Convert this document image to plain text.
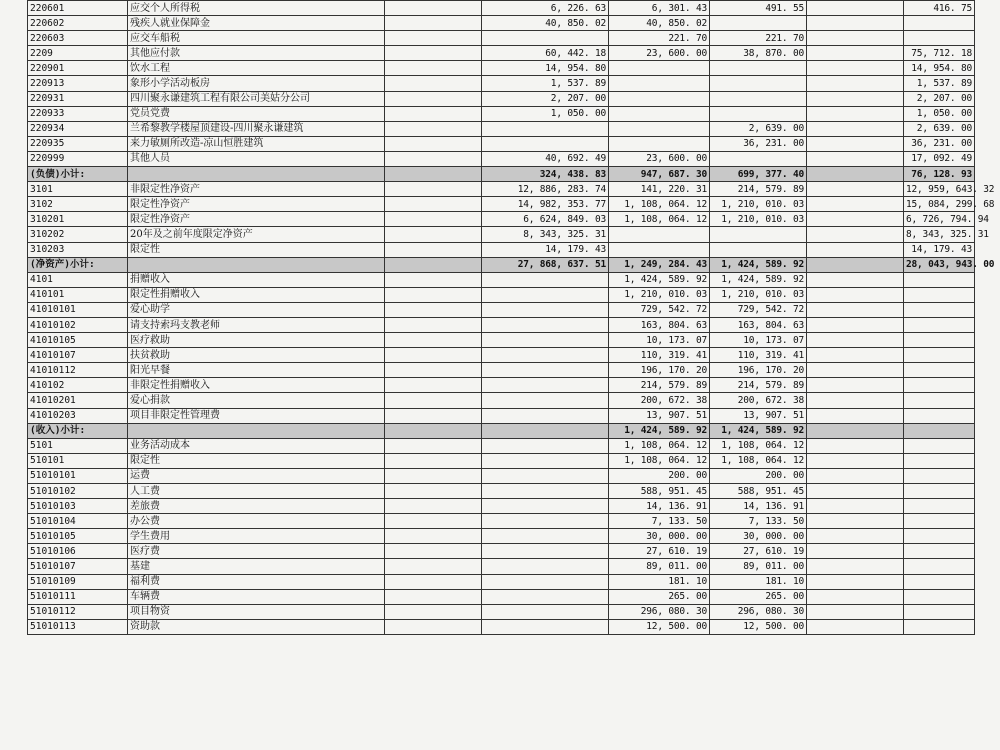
220601	应交个人所得税		6, 226. 63	6, 301. 43	491. 55		416. 75
220602	残疾人就业保障金		40, 850. 02	40, 850. 02			
220603	应交车船税			221. 70	221. 70		
2209	其他应付款		60, 442. 18	23, 600. 00	38, 870. 00		75, 712. 18
220901	饮水工程		14, 954. 80				14, 954. 80
220913	象形小学活动板房		1, 537. 89				1, 537. 89
220931	四川聚永谦建筑工程有限公司美姑分公司		2, 207. 00				2, 207. 00
220933	党员党费		1, 050. 00				1, 050. 00
220934	兰希黎教学楼屋顶建设-四川聚永谦建筑				2, 639. 00		2, 639. 00
220935	来力敏厕所改造-凉山恒胜建筑				36, 231. 00		36, 231. 00
220999	其他人员		40, 692. 49	23, 600. 00			17, 092. 49
(负债)小计:			324, 438. 83	947, 687. 30	699, 377. 40		76, 128. 93
3101	非限定性净资产		12, 886, 283. 74	141, 220. 31	214, 579. 89		12, 959, 643. 32
3102	限定性净资产		14, 982, 353. 77	1, 108, 064. 12	1, 210, 010. 03		15, 084, 299. 68
310201	限定性净资产		6, 624, 849. 03	1, 108, 064. 12	1, 210, 010. 03		6, 726, 794. 94
310202	20年及之前年度限定净资产		8, 343, 325. 31				8, 343, 325. 31
310203	限定性		14, 179. 43				14, 179. 43
(净资产)小计:			27, 868, 637. 51	1, 249, 284. 43	1, 424, 589. 92		28, 043, 943. 00
4101	捐赠收入			1, 424, 589. 92	1, 424, 589. 92		
410101	限定性捐赠收入			1, 210, 010. 03	1, 210, 010. 03		
41010101	爱心助学			729, 542. 72	729, 542. 72		
41010102	请支持索玛支教老师			163, 804. 63	163, 804. 63		
41010105	医疗救助			10, 173. 07	10, 173. 07		
41010107	扶贫救助			110, 319. 41	110, 319. 41		
41010112	阳光早餐			196, 170. 20	196, 170. 20		
410102	非限定性捐赠收入			214, 579. 89	214, 579. 89		
41010201	爱心捐款			200, 672. 38	200, 672. 38		
41010203	项目非限定性管理费			13, 907. 51	13, 907. 51		
(收入)小计:				1, 424, 589. 92	1, 424, 589. 92		
5101	业务活动成本			1, 108, 064. 12	1, 108, 064. 12		
510101	限定性			1, 108, 064. 12	1, 108, 064. 12		
51010101	运费			200. 00	200. 00		
51010102	人工费			588, 951. 45	588, 951. 45		
51010103	差旅费			14, 136. 91	14, 136. 91		
51010104	办公费			7, 133. 50	7, 133. 50		
51010105	学生费用			30, 000. 00	30, 000. 00		
51010106	医疗费			27, 610. 19	27, 610. 19		
51010107	基建			89, 011. 00	89, 011. 00		
51010109	福利费			181. 10	181. 10		
51010111	车辆费			265. 00	265. 00		
51010112	项目物资			296, 080. 30	296, 080. 30		
51010113	资助款			12, 500. 00	12, 500. 00		
